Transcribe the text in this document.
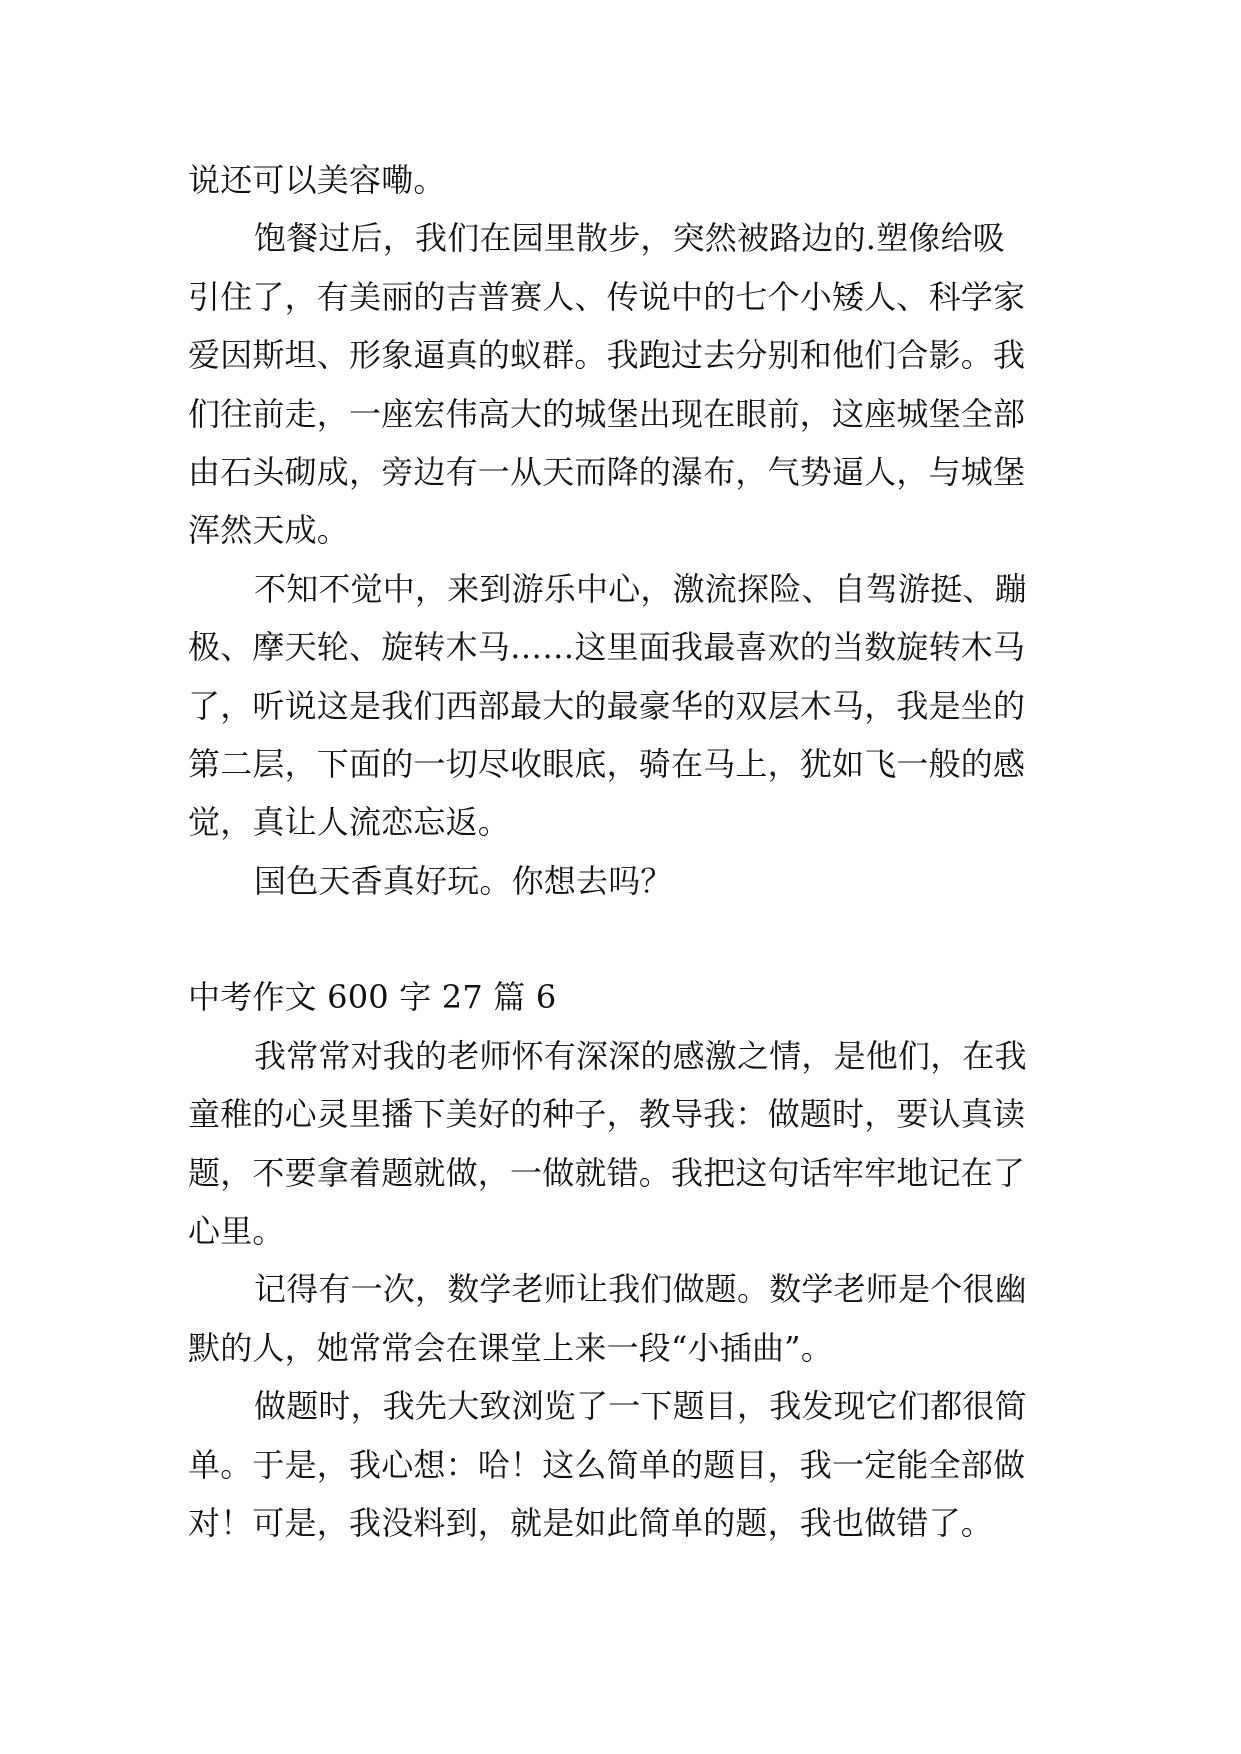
说还可以美容嘞。
饱餐过后，我们在园里散步，突然被路边的.塑像给吸
引住了，有美丽的吉普赛人、传说中的七个小矮人、科学家
爱因斯坦、形象逼真的蚁群。我跑过去分别和他们合影。我
们往前走，一座宏伟高大的城堡出现在眼前，这座城堡全部
由石头砌成，旁边有一从天而降的瀑布，气势逼人，与城堡
浑然天成。
不知不觉中，来到游乐中心，激流探险、自驾游挺、蹦
极、摩天轮、旋转木马……这里面我最喜欢的当数旋转木马
了，听说这是我们西部最大的最豪华的双层木马，我是坐的
第二层，下面的一切尽收眼底，骑在马上，犹如飞一般的感
觉，真让人流恋忘返。
国色天香真好玩。你想去吗？
中考作文 600 字 27 篇 6
我常常对我的老师怀有深深的感激之情，是他们，在我
童稚的心灵里播下美好的种子，教导我：做题时，要认真读
题，不要拿着题就做，一做就错。我把这句话牢牢地记在了
心里。
记得有一次，数学老师让我们做题。数学老师是个很幽
默的人，她常常会在课堂上来一段“小插曲”。
做题时，我先大致浏览了一下题目，我发现它们都很简
单。于是，我心想：哈！这么简单的题目，我一定能全部做
对！可是，我没料到，就是如此简单的题，我也做错了。
